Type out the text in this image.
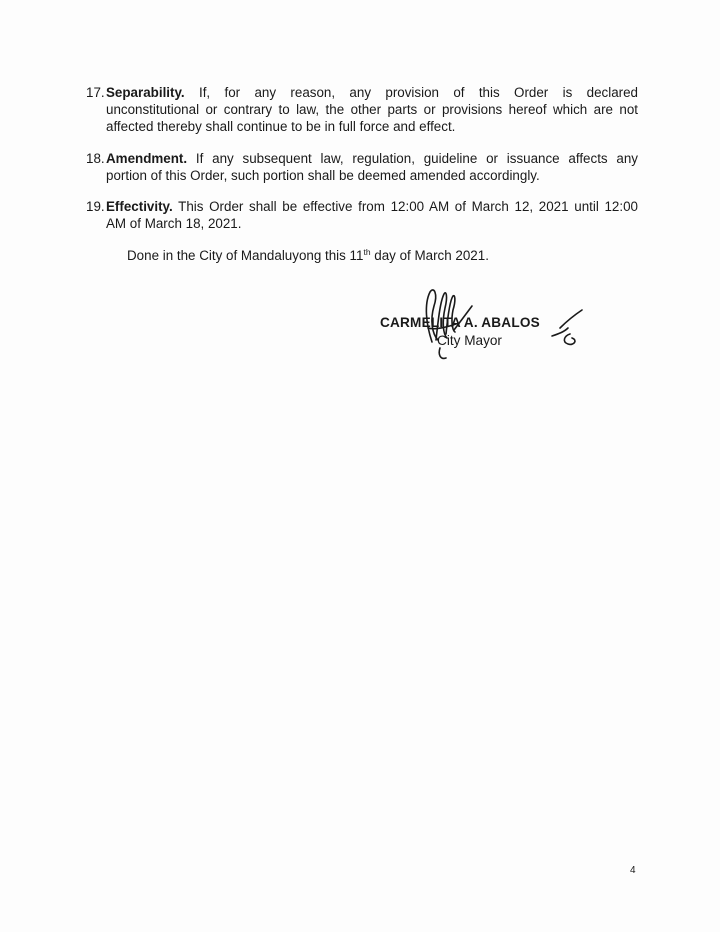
17. Separability. If, for any reason, any provision of this Order is declared
unconstitutional or contrary to law, the other parts or provisions hereof which are not affected thereby shall continue to be in full force and effect.
18. Amendment. If any subsequent law, regulation, guideline or issuance affects any
portion of this Order, such portion shall be deemed amended accordingly.
19. Effectivity. This Order shall be effective from 12:00 AM of March 12, 2021 until 12:00
AM of March 18, 2021.
Done in the City of Mandaluyong this 11th day of March 2021.
CARMELITA A. ABALOS
City Mayor
4
